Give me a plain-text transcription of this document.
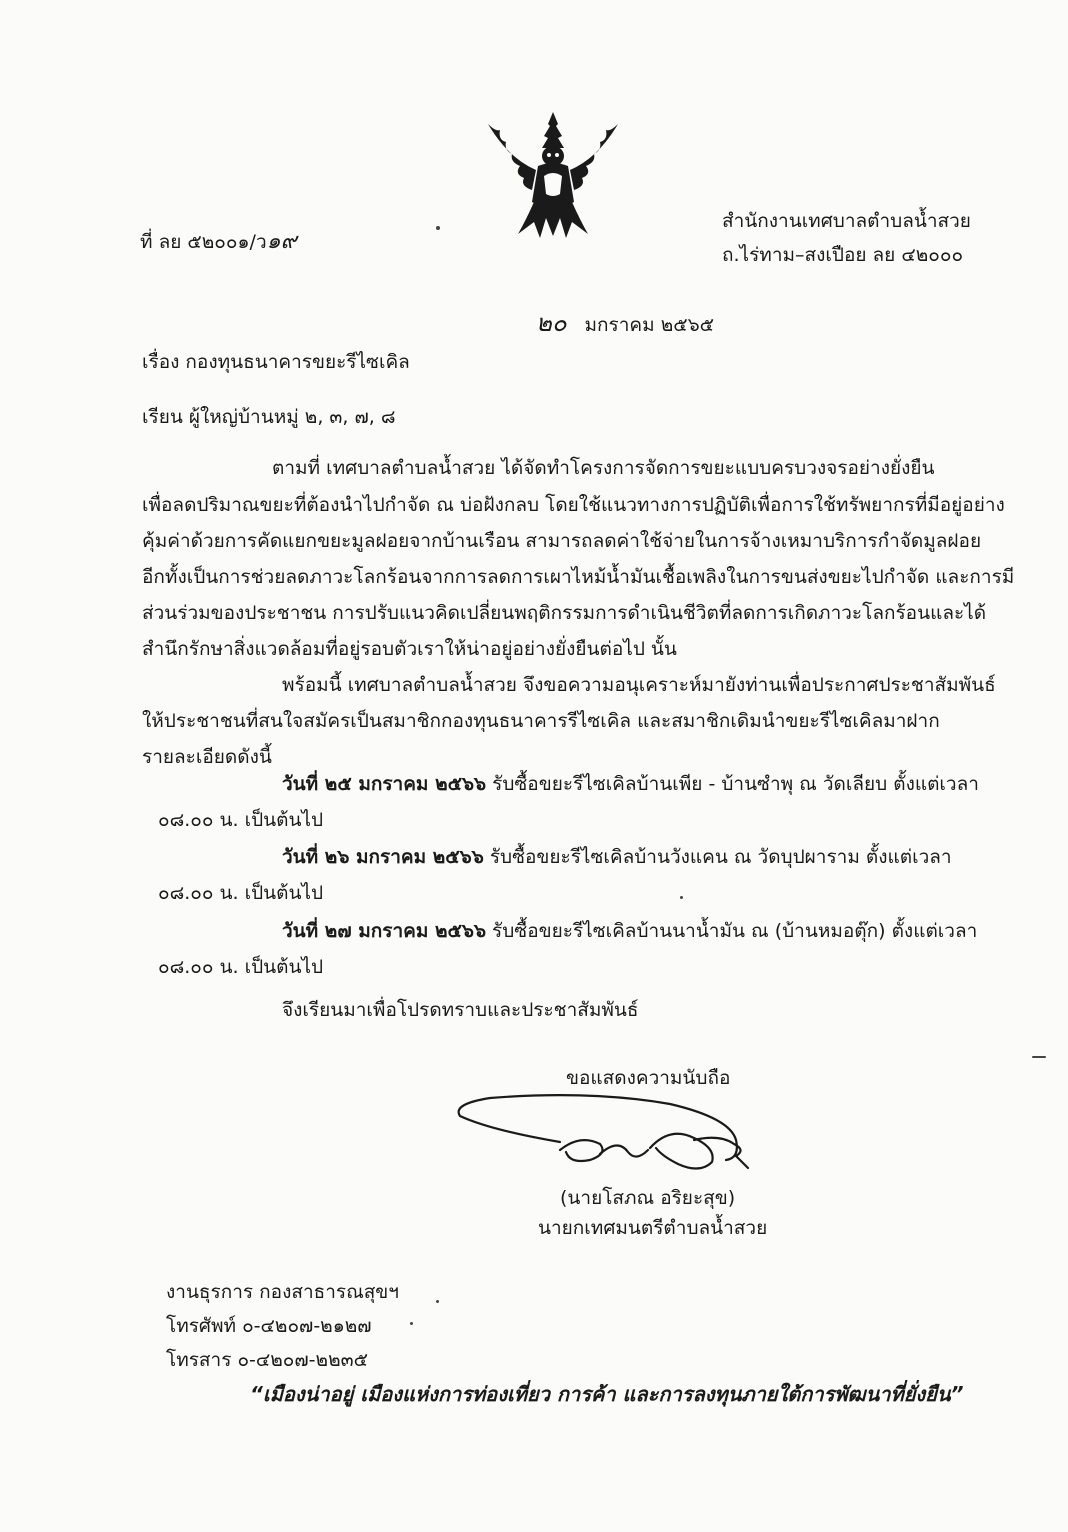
ที่ ลย ๕๒๐๐๑/ว๑๙
สำนักงานเทศบาลตำบลน้ำสวย
ถ.ไร่ทาม–สงเปือย ลย ๔๒๐๐๐
๒๐ มกราคม ๒๕๖๕
เรื่อง กองทุนธนาคารขยะรีไซเคิล
เรียน ผู้ใหญ่บ้านหมู่ ๒, ๓, ๗, ๘
ตามที่ เทศบาลตำบลน้ำสวย ได้จัดทำโครงการจัดการขยะแบบครบวงจรอย่างยั่งยืน
เพื่อลดปริมาณขยะที่ต้องนำไปกำจัด ณ บ่อฝังกลบ โดยใช้แนวทางการปฏิบัติเพื่อการใช้ทรัพยากรที่มีอยู่อย่าง
คุ้มค่าด้วยการคัดแยกขยะมูลฝอยจากบ้านเรือน สามารถลดค่าใช้จ่ายในการจ้างเหมาบริการกำจัดมูลฝอย
อีกทั้งเป็นการช่วยลดภาวะโลกร้อนจากการลดการเผาไหม้น้ำมันเชื้อเพลิงในการขนส่งขยะไปกำจัด และการมี
ส่วนร่วมของประชาชน การปรับแนวคิดเปลี่ยนพฤติกรรมการดำเนินชีวิตที่ลดการเกิดภาวะโลกร้อนและได้
สำนึกรักษาสิ่งแวดล้อมที่อยู่รอบตัวเราให้น่าอยู่อย่างยั่งยืนต่อไป นั้น
พร้อมนี้ เทศบาลตำบลน้ำสวย จึงขอความอนุเคราะห์มายังท่านเพื่อประกาศประชาสัมพันธ์
ให้ประชาชนที่สนใจสมัครเป็นสมาชิกกองทุนธนาคารรีไซเคิล และสมาชิกเดิมนำขยะรีไซเคิลมาฝาก
รายละเอียดดังนี้
วันที่ ๒๕ มกราคม ๒๕๖๖ รับซื้อขยะรีไซเคิลบ้านเพีย - บ้านซำพุ ณ วัดเลียบ ตั้งแต่เวลา
๐๘.๐๐ น. เป็นต้นไป
วันที่ ๒๖ มกราคม ๒๕๖๖ รับซื้อขยะรีไซเคิลบ้านวังแคน ณ วัดบุปผาราม ตั้งแต่เวลา
๐๘.๐๐ น. เป็นต้นไป
วันที่ ๒๗ มกราคม ๒๕๖๖ รับซื้อขยะรีไซเคิลบ้านนาน้ำมัน ณ (บ้านหมอตุ๊ก) ตั้งแต่เวลา
๐๘.๐๐ น. เป็นต้นไป
จึงเรียนมาเพื่อโปรดทราบและประชาสัมพันธ์
ขอแสดงความนับถือ
(นายโสภณ อริยะสุข)
นายกเทศมนตรีตำบลน้ำสวย
งานธุรการ กองสาธารณสุขฯ
โทรศัพท์ ๐-๔๒๐๗-๒๑๒๗
โทรสาร ๐-๔๒๐๗-๒๒๓๕
“เมืองน่าอยู่ เมืองแห่งการท่องเที่ยว การค้า และการลงทุนภายใต้การพัฒนาที่ยั่งยืน”
